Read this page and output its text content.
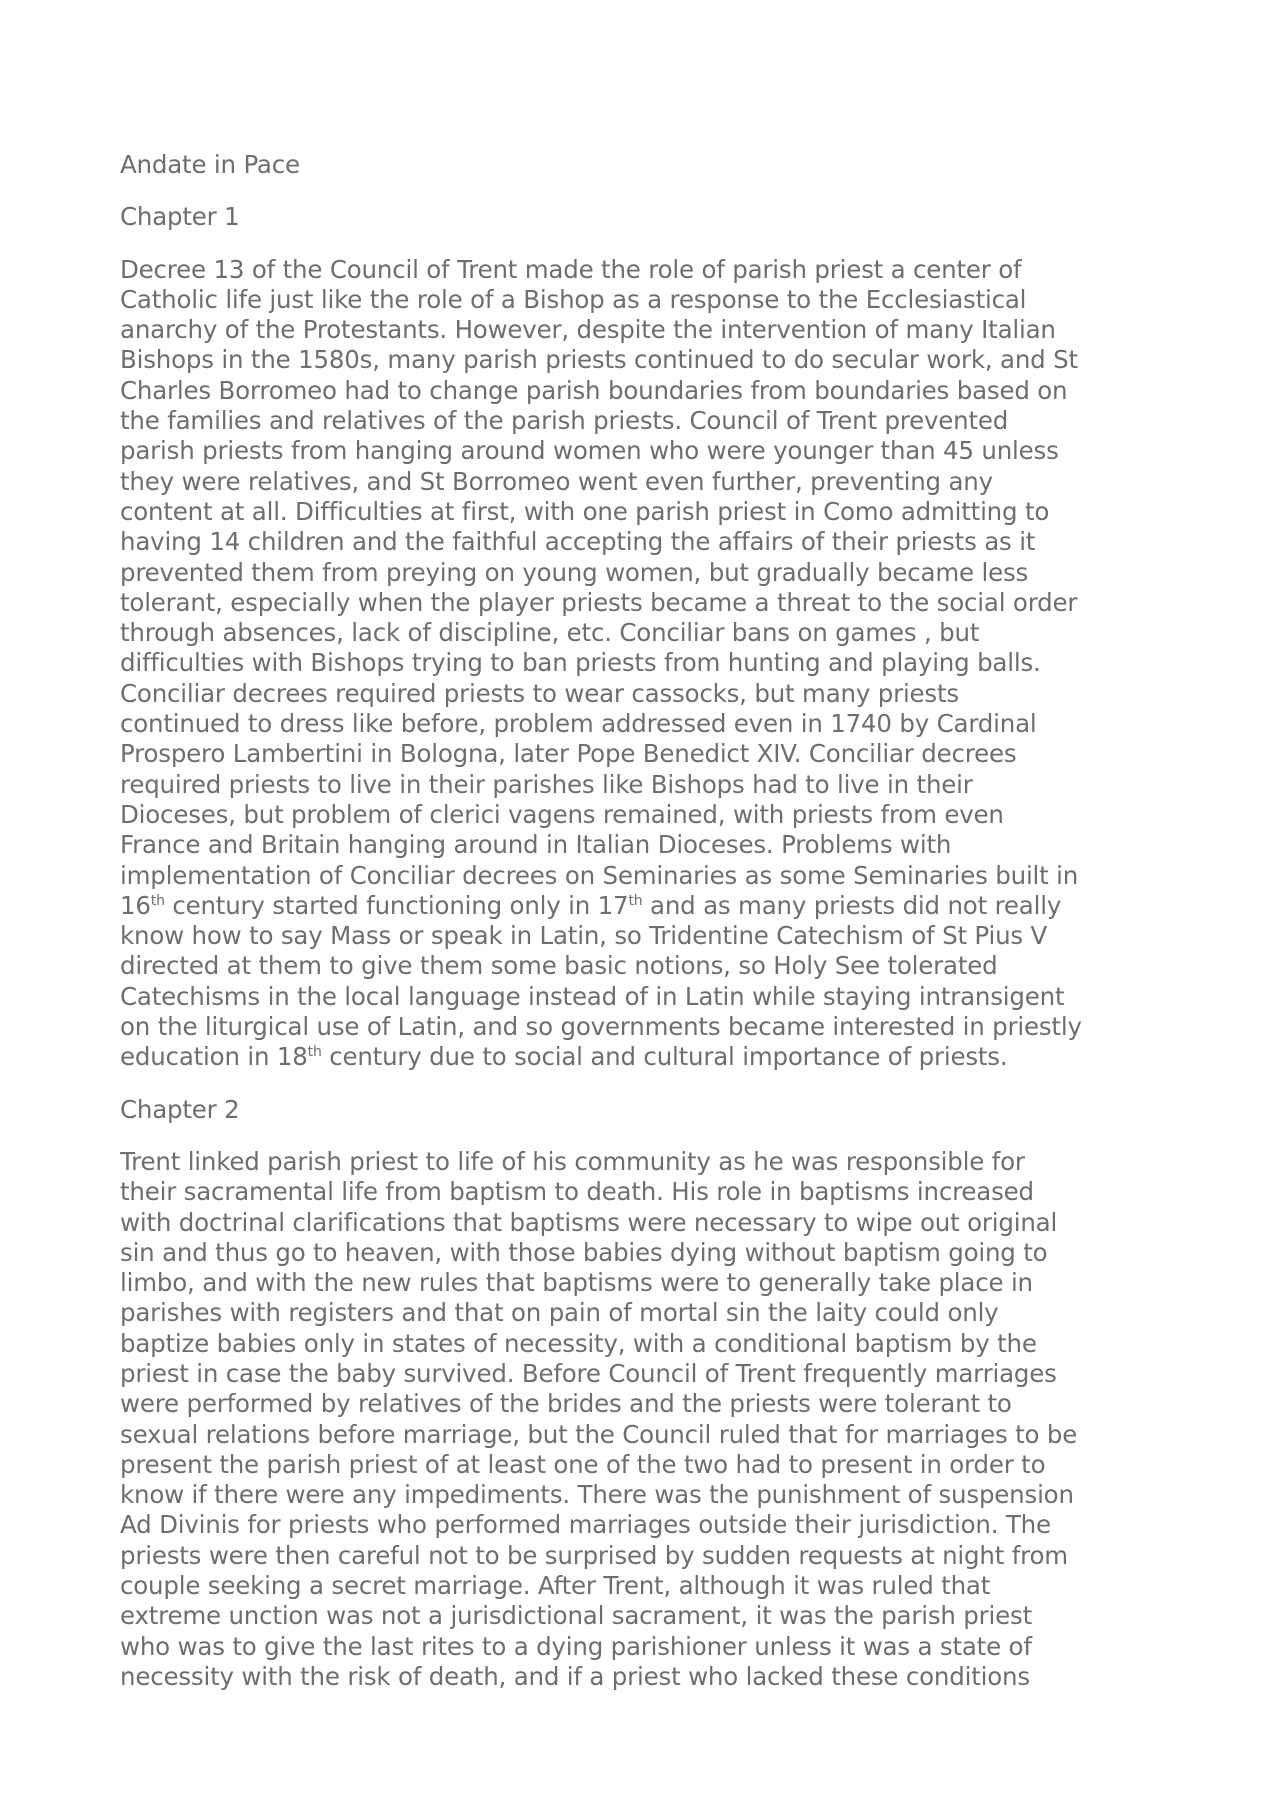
Andate in Pace
Chapter 1
Decree 13 of the Council of Trent made the role of parish priest a center of
Catholic life just like the role of a Bishop as a response to the Ecclesiastical
anarchy of the Protestants. However, despite the intervention of many Italian
Bishops in the 1580s, many parish priests continued to do secular work, and St
Charles Borromeo had to change parish boundaries from boundaries based on
the families and relatives of the parish priests. Council of Trent prevented
parish priests from hanging around women who were younger than 45 unless
they were relatives, and St Borromeo went even further, preventing any
content at all. Difficulties at first, with one parish priest in Como admitting to
having 14 children and the faithful accepting the affairs of their priests as it
prevented them from preying on young women, but gradually became less
tolerant, especially when the player priests became a threat to the social order
through absences, lack of discipline, etc. Conciliar bans on games , but
difficulties with Bishops trying to ban priests from hunting and playing balls.
Conciliar decrees required priests to wear cassocks, but many priests
continued to dress like before, problem addressed even in 1740 by Cardinal
Prospero Lambertini in Bologna, later Pope Benedict XIV. Conciliar decrees
required priests to live in their parishes like Bishops had to live in their
Dioceses, but problem of clerici vagens remained, with priests from even
France and Britain hanging around in Italian Dioceses. Problems with
implementation of Conciliar decrees on Seminaries as some Seminaries built in
16th century started functioning only in 17th and as many priests did not really
know how to say Mass or speak in Latin, so Tridentine Catechism of St Pius V
directed at them to give them some basic notions, so Holy See tolerated
Catechisms in the local language instead of in Latin while staying intransigent
on the liturgical use of Latin, and so governments became interested in priestly
education in 18th century due to social and cultural importance of priests.
Chapter 2
Trent linked parish priest to life of his community as he was responsible for
their sacramental life from baptism to death. His role in baptisms increased
with doctrinal clarifications that baptisms were necessary to wipe out original
sin and thus go to heaven, with those babies dying without baptism going to
limbo, and with the new rules that baptisms were to generally take place in
parishes with registers and that on pain of mortal sin the laity could only
baptize babies only in states of necessity, with a conditional baptism by the
priest in case the baby survived. Before Council of Trent frequently marriages
were performed by relatives of the brides and the priests were tolerant to
sexual relations before marriage, but the Council ruled that for marriages to be
present the parish priest of at least one of the two had to present in order to
know if there were any impediments. There was the punishment of suspension
Ad Divinis for priests who performed marriages outside their jurisdiction. The
priests were then careful not to be surprised by sudden requests at night from
couple seeking a secret marriage. After Trent, although it was ruled that
extreme unction was not a jurisdictional sacrament, it was the parish priest
who was to give the last rites to a dying parishioner unless it was a state of
necessity with the risk of death, and if a priest who lacked these conditions
